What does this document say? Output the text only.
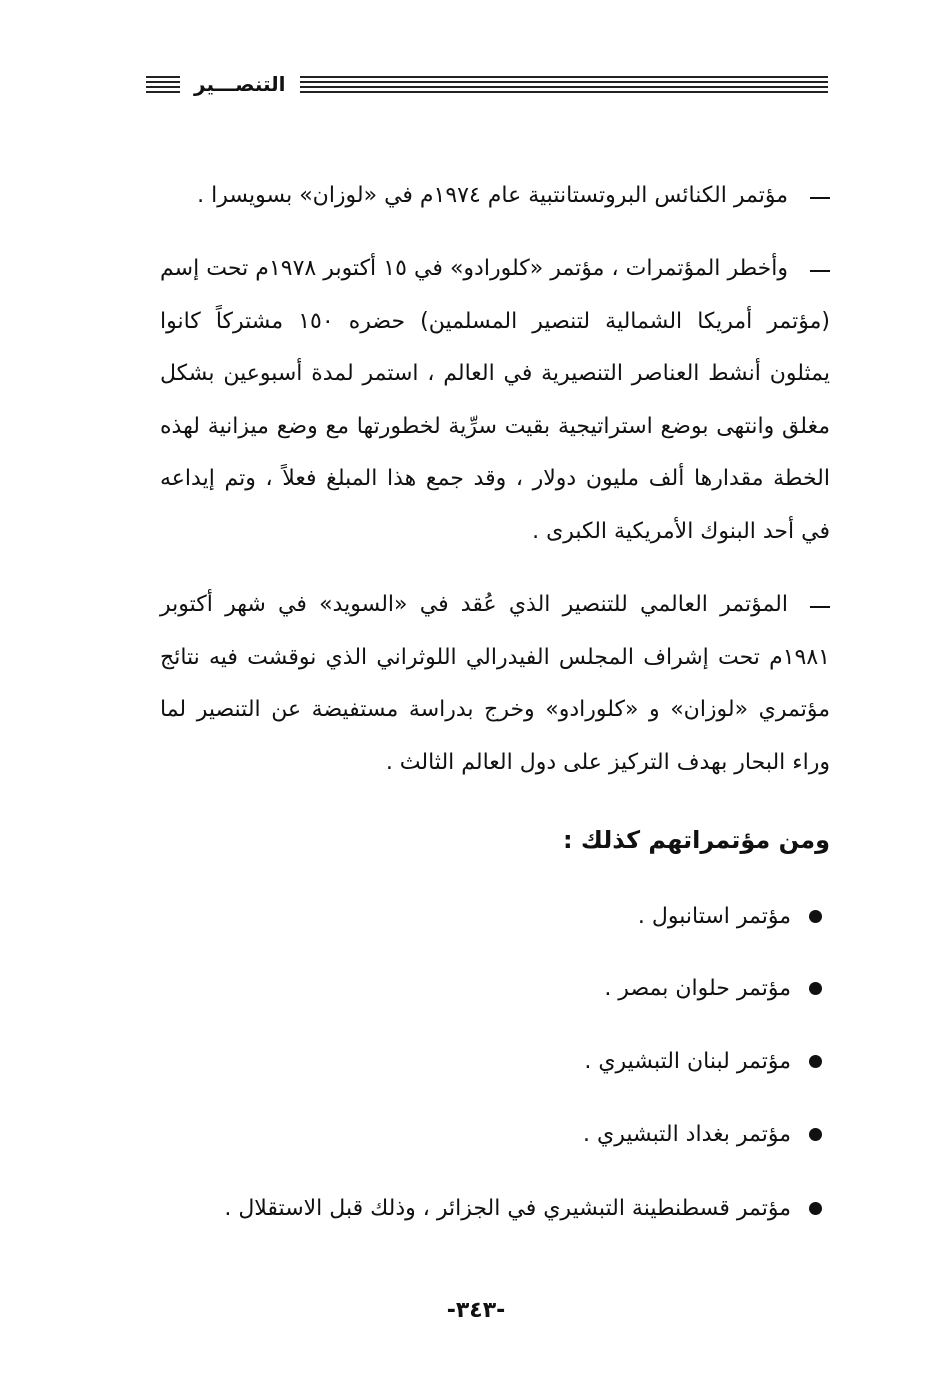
التنصـــير

مؤتمر الكنائس البروتستانتبية عام ١٩٧٤م في «لوزان» بسويسرا .

وأخطر المؤتمرات ، مؤتمر «كلورادو» في ١٥ أكتوبر ١٩٧٨م تحت إسم (مؤتمر أمريكا الشمالية لتنصير المسلمين) حضره ١٥٠ مشتركاً كانوا يمثلون أنشط العناصر التنصيرية في العالم ، استمر لمدة أسبوعين بشكل مغلق وانتهى بوضع استراتيجية بقيت سرِّية لخطورتها مع وضع ميزانية لهذه الخطة مقدارها ألف مليون دولار ، وقد جمع هذا المبلغ فعلاً ، وتم إيداعه في أحد البنوك الأمريكية الكبرى .

المؤتمر العالمي للتنصير الذي عُقد في «السويد» في شهر أكتوبر ١٩٨١م تحت إشراف المجلس الفيدرالي اللوثراني الذي نوقشت فيه نتائج مؤتمري «لوزان» و «كلورادو» وخرج بدراسة مستفيضة عن التنصير لما وراء البحار بهدف التركيز على دول العالم الثالث .

ومن مؤتمراتهم كذلك :
مؤتمر استانبول .
مؤتمر حلوان بمصر .
مؤتمر لبنان التبشيري .
مؤتمر بغداد التبشيري .
مؤتمر قسطنطينة التبشيري في الجزائر ، وذلك قبل الاستقلال .
-٣٤٣-
